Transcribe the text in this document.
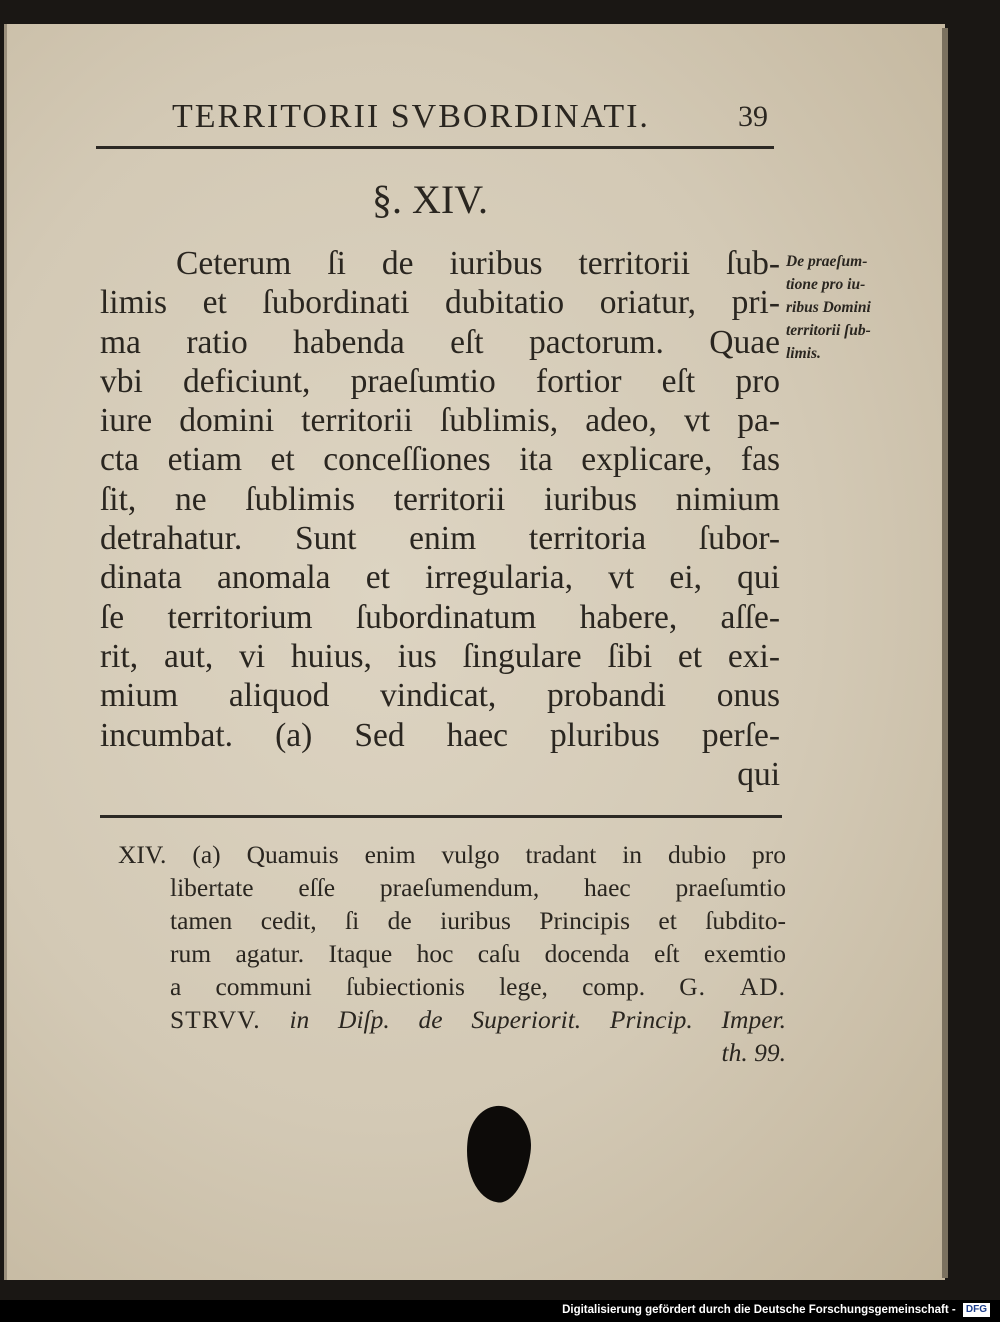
TERRITORII SVBORDINATI.	39
§. XIV.
Ceterum ſi de iuribus territorii ſub-
limis et ſubordinati dubitatio oriatur, pri-
ma ratio habenda eſt pactorum. Quae
vbi deficiunt, praeſumtio fortior eſt pro
iure domini territorii ſublimis, adeo, vt pa-
cta etiam et conceſſiones ita explicare, fas
ſit, ne ſublimis territorii iuribus nimium
detrahatur. Sunt enim territoria ſubor-
dinata anomala et irregularia, vt ei, qui
ſe territorium ſubordinatum habere, aſſe-
rit, aut, vi huius, ius ſingulare ſibi et exi-
mium aliquod vindicat, probandi onus
incumbat. (a) Sed haec pluribus perſe-
qui
De praeſum-
tione pro iu-
ribus Domini
territorii ſub-
limis.
XIV. (a) Quamuis enim vulgo tradant in dubio pro
libertate eſſe praeſumendum, haec praeſumtio
tamen cedit, ſi de iuribus Principis et ſubdito-
rum agatur. Itaque hoc caſu docenda eſt exemtio
a communi ſubiectionis lege, comp. G. AD.
STRVV. in Diſp. de Superiorit. Princip. Imper.
th. 99.
Digitalisierung gefördert durch die Deutsche Forschungsgemeinschaft - DFG
